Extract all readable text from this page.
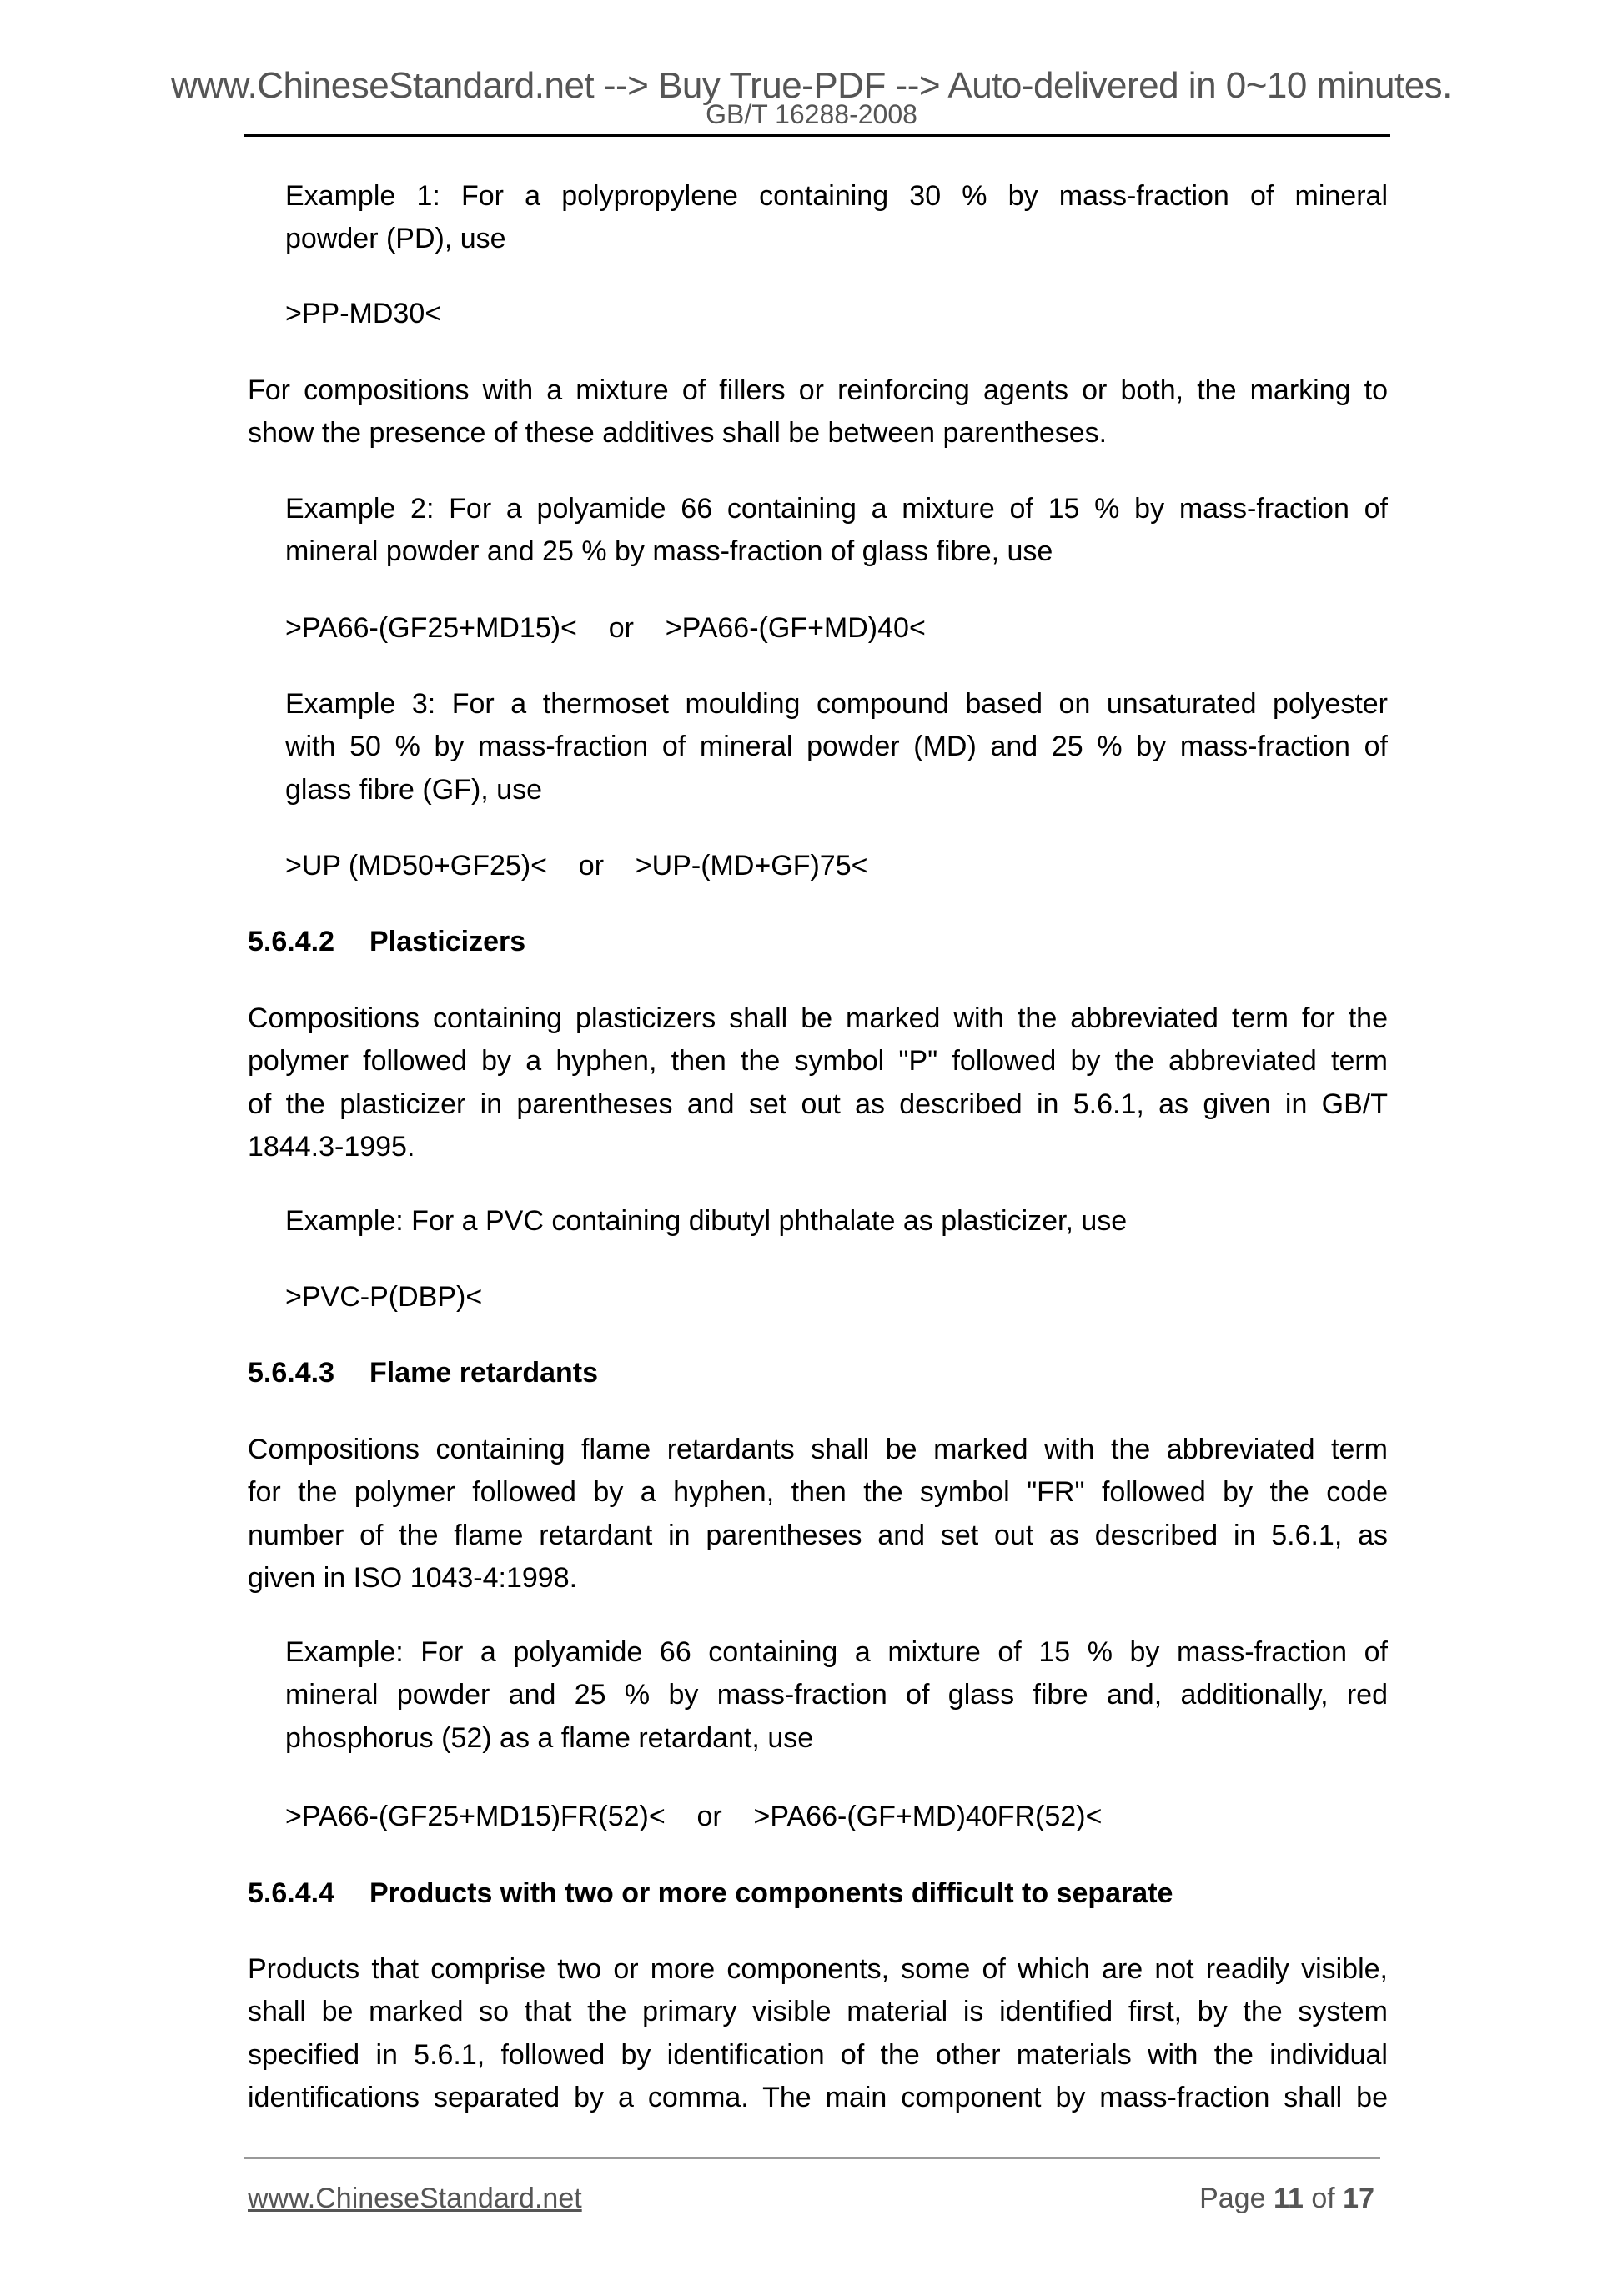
www.ChineseStandard.net --> Buy True-PDF --> Auto-delivered in 0~10 minutes.
GB/T 16288-2008
Example 1: For a polypropylene containing 30 % by mass-fraction of mineral
powder (PD), use
>PP-MD30<
For compositions with a mixture of fillers or reinforcing agents or both, the marking to
show the presence of these additives shall be between parentheses.
Example 2: For a polyamide 66 containing a mixture of 15 % by mass-fraction of
mineral powder and 25 % by mass-fraction of glass fibre, use
>PA66-(GF25+MD15)<    or    >PA66-(GF+MD)40<
Example 3: For a thermoset moulding compound based on unsaturated polyester
with 50 % by mass-fraction of mineral powder (MD) and 25 % by mass-fraction of
glass fibre (GF), use
>UP (MD50+GF25)<    or    >UP-(MD+GF)75<
5.6.4.2 Plasticizers
Compositions containing plasticizers shall be marked with the abbreviated term for the
polymer followed by a hyphen, then the symbol "P" followed by the abbreviated term
of the plasticizer in parentheses and set out as described in 5.6.1, as given in GB/T
1844.3-1995.
Example: For a PVC containing dibutyl phthalate as plasticizer, use
>PVC-P(DBP)<
5.6.4.3 Flame retardants
Compositions containing flame retardants shall be marked with the abbreviated term
for the polymer followed by a hyphen, then the symbol "FR" followed by the code
number of the flame retardant in parentheses and set out as described in 5.6.1, as
given in ISO 1043-4:1998.
Example: For a polyamide 66 containing a mixture of 15 % by mass-fraction of
mineral powder and 25 % by mass-fraction of glass fibre and, additionally, red
phosphorus (52) as a flame retardant, use
>PA66-(GF25+MD15)FR(52)<    or    >PA66-(GF+MD)40FR(52)<
5.6.4.4 Products with two or more components difficult to separate
Products that comprise two or more components, some of which are not readily visible,
shall be marked so that the primary visible material is identified first, by the system
specified in 5.6.1, followed by identification of the other materials with the individual
identifications separated by a comma. The main component by mass-fraction shall be
www.ChineseStandard.net	Page 11 of 17
